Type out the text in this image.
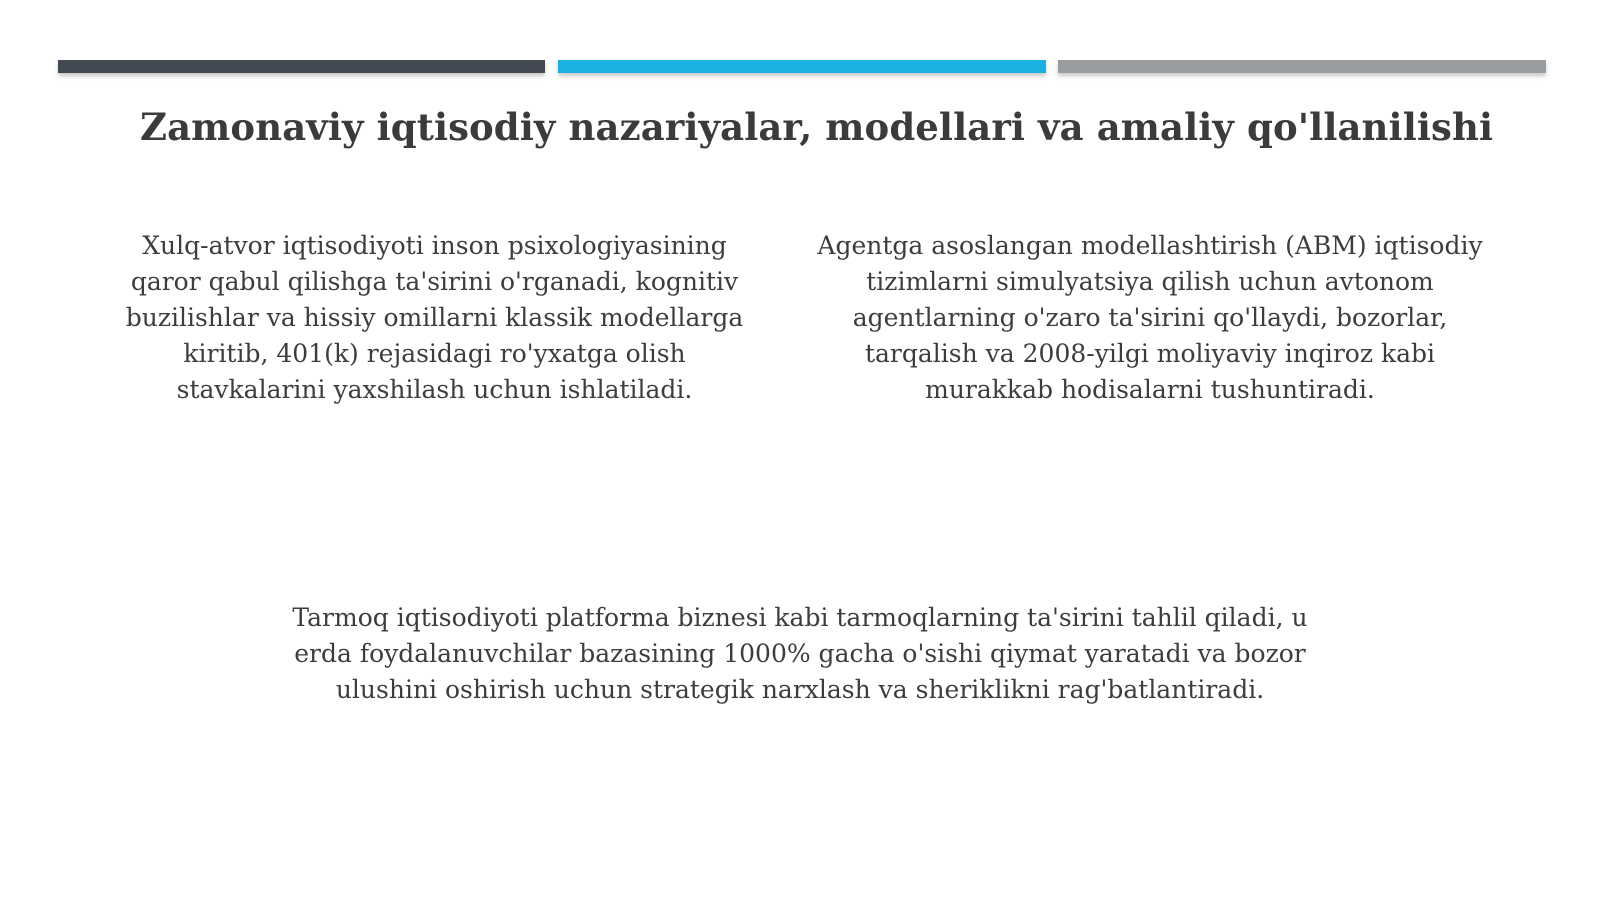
Zamonaviy iqtisodiy nazariyalar, modellari va amaliy qo'llanilishi
Xulq-atvor iqtisodiyoti inson psixologiyasining qaror qabul qilishga ta'sirini o'rganadi, kognitiv buzilishlar va hissiy omillarni klassik modellarga kiritib, 401(k) rejasidagi ro'yxatga olish stavkalarini yaxshilash uchun ishlatiladi.
Agentga asoslangan modellashtirish (ABM) iqtisodiy tizimlarni simulyatsiya qilish uchun avtonom agentlarning o'zaro ta'sirini qo'llaydi, bozorlar, tarqalish va 2008-yilgi moliyaviy inqiroz kabi murakkab hodisalarni tushuntiradi.
Tarmoq iqtisodiyoti platforma biznesi kabi tarmoqlarning ta'sirini tahlil qiladi, u erda foydalanuvchilar bazasining 1000% gacha o'sishi qiymat yaratadi va bozor ulushini oshirish uchun strategik narxlash va sheriklikni rag'batlantiradi.
